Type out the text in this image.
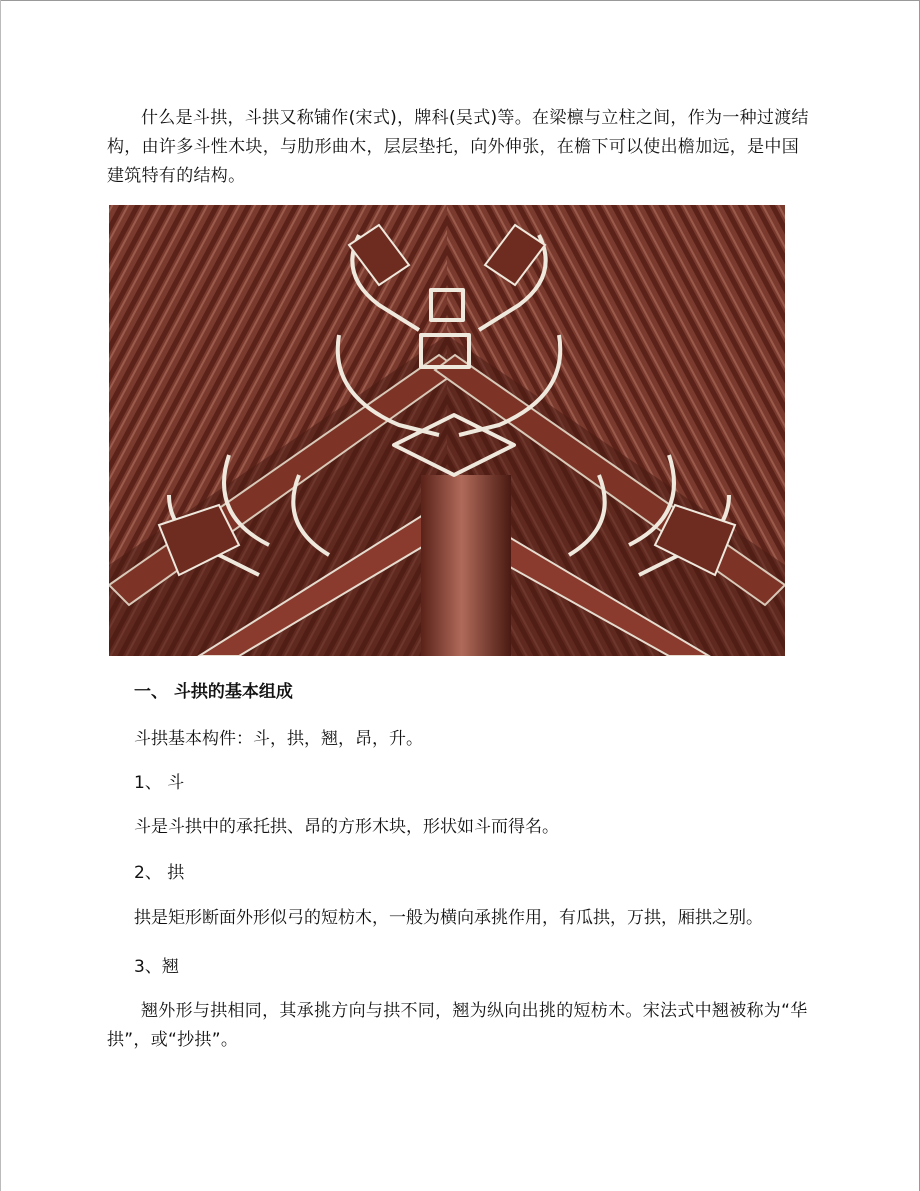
什么是斗拱，斗拱又称铺作(宋式)，牌科(吴式)等。在梁檩与立柱之间，作为一种过渡结构，由许多斗性木块，与肋形曲木，层层垫托，向外伸张，在檐下可以使出檐加远，是中国建筑特有的结构。

一、 斗拱的基本组成

斗拱基本构件：斗，拱，翘，昂，升。

1、 斗

斗是斗拱中的承托拱、昂的方形木块，形状如斗而得名。

2、 拱

拱是矩形断面外形似弓的短枋木，一般为横向承挑作用，有瓜拱，万拱，厢拱之别。

3、翘

翘外形与拱相同，其承挑方向与拱不同，翘为纵向出挑的短枋木。宋法式中翘被称为“华拱”，或“抄拱”。
